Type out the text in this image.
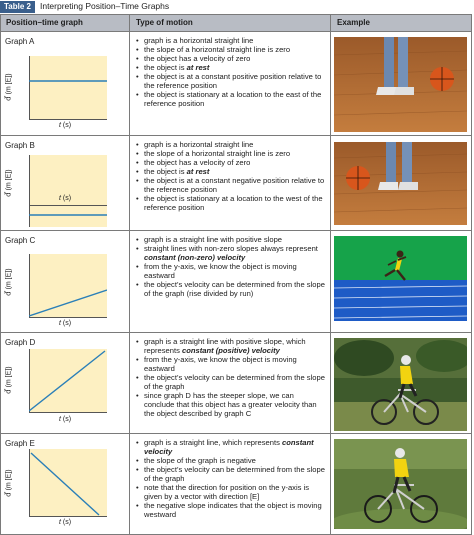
Table 2	Interpreting Position–Time Graphs
Position–time graph	Type of motion	Example
Graph A
d⃗ (m [E])
t (s)
• graph is a horizontal straight line
• the slope of a horizontal straight line is zero
• the object has a velocity of zero
• the object is at rest
• the object is at a constant positive position relative to the reference position
• the object is stationary at a location to the east of the reference position
Graph B
d⃗ (m [E])
t (s)
• graph is a horizontal straight line
• the slope of a horizontal straight line is zero
• the object has a velocity of zero
• the object is at rest
• the object is at a constant negative position relative to the reference position
• the object is stationary at a location to the west of the reference position
Graph C
d⃗ (m [E])
t (s)
• graph is a straight line with positive slope
• straight lines with non-zero slopes always represent constant (non-zero) velocity
• from the y-axis, we know the object is moving eastward
• the object’s velocity can be determined from the slope of the graph (rise divided by run)
Graph D
d⃗ (m [E])
t (s)
• graph is a straight line with positive slope, which represents constant (positive) velocity
• from the y-axis, we know the object is moving eastward
• the object’s velocity can be determined from the slope of the graph
• since graph D has the steeper slope, we can conclude that this object has a greater velocity than the object described by graph C
Graph E
d⃗ (m [E])
t (s)
• graph is a straight line, which represents constant velocity
• the slope of the graph is negative
• the object’s velocity can be determined from the slope of the graph
• note that the direction for position on the y-axis is given by a vector with direction [E]
• the negative slope indicates that the object is moving westward
